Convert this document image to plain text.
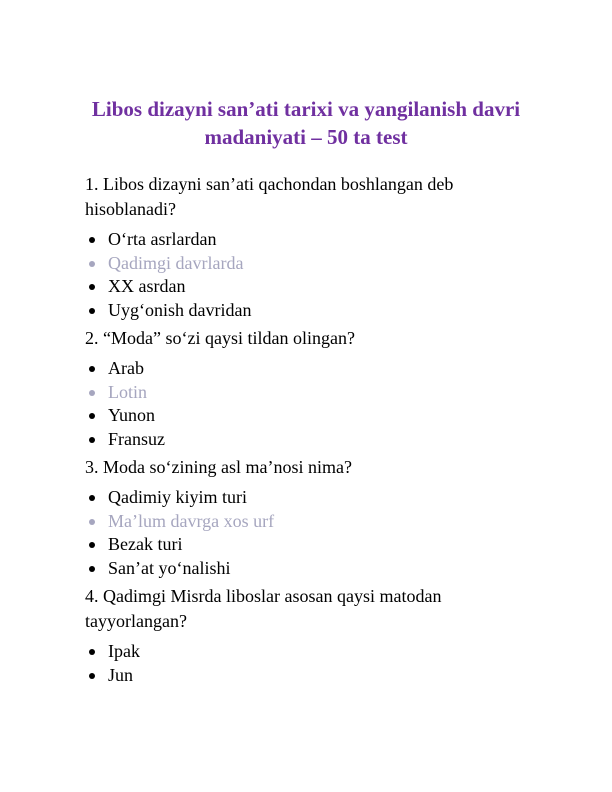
Libos dizayni san’ati tarixi va yangilanish davri
madaniyati – 50 ta test

1. Libos dizayni san’ati qachondan boshlangan deb hisoblanadi?

O‘rta asrlardan
Qadimgi davrlarda
XX asrdan
Uyg‘onish davridan

2. “Moda” so‘zi qaysi tildan olingan?

Arab
Lotin
Yunon
Fransuz

3. Moda so‘zining asl ma’nosi nima?

Qadimiy kiyim turi
Ma’lum davrga xos urf
Bezak turi
San’at yo‘nalishi

4. Qadimgi Misrda liboslar asosan qaysi matodan tayyorlangan?

Ipak
Jun
